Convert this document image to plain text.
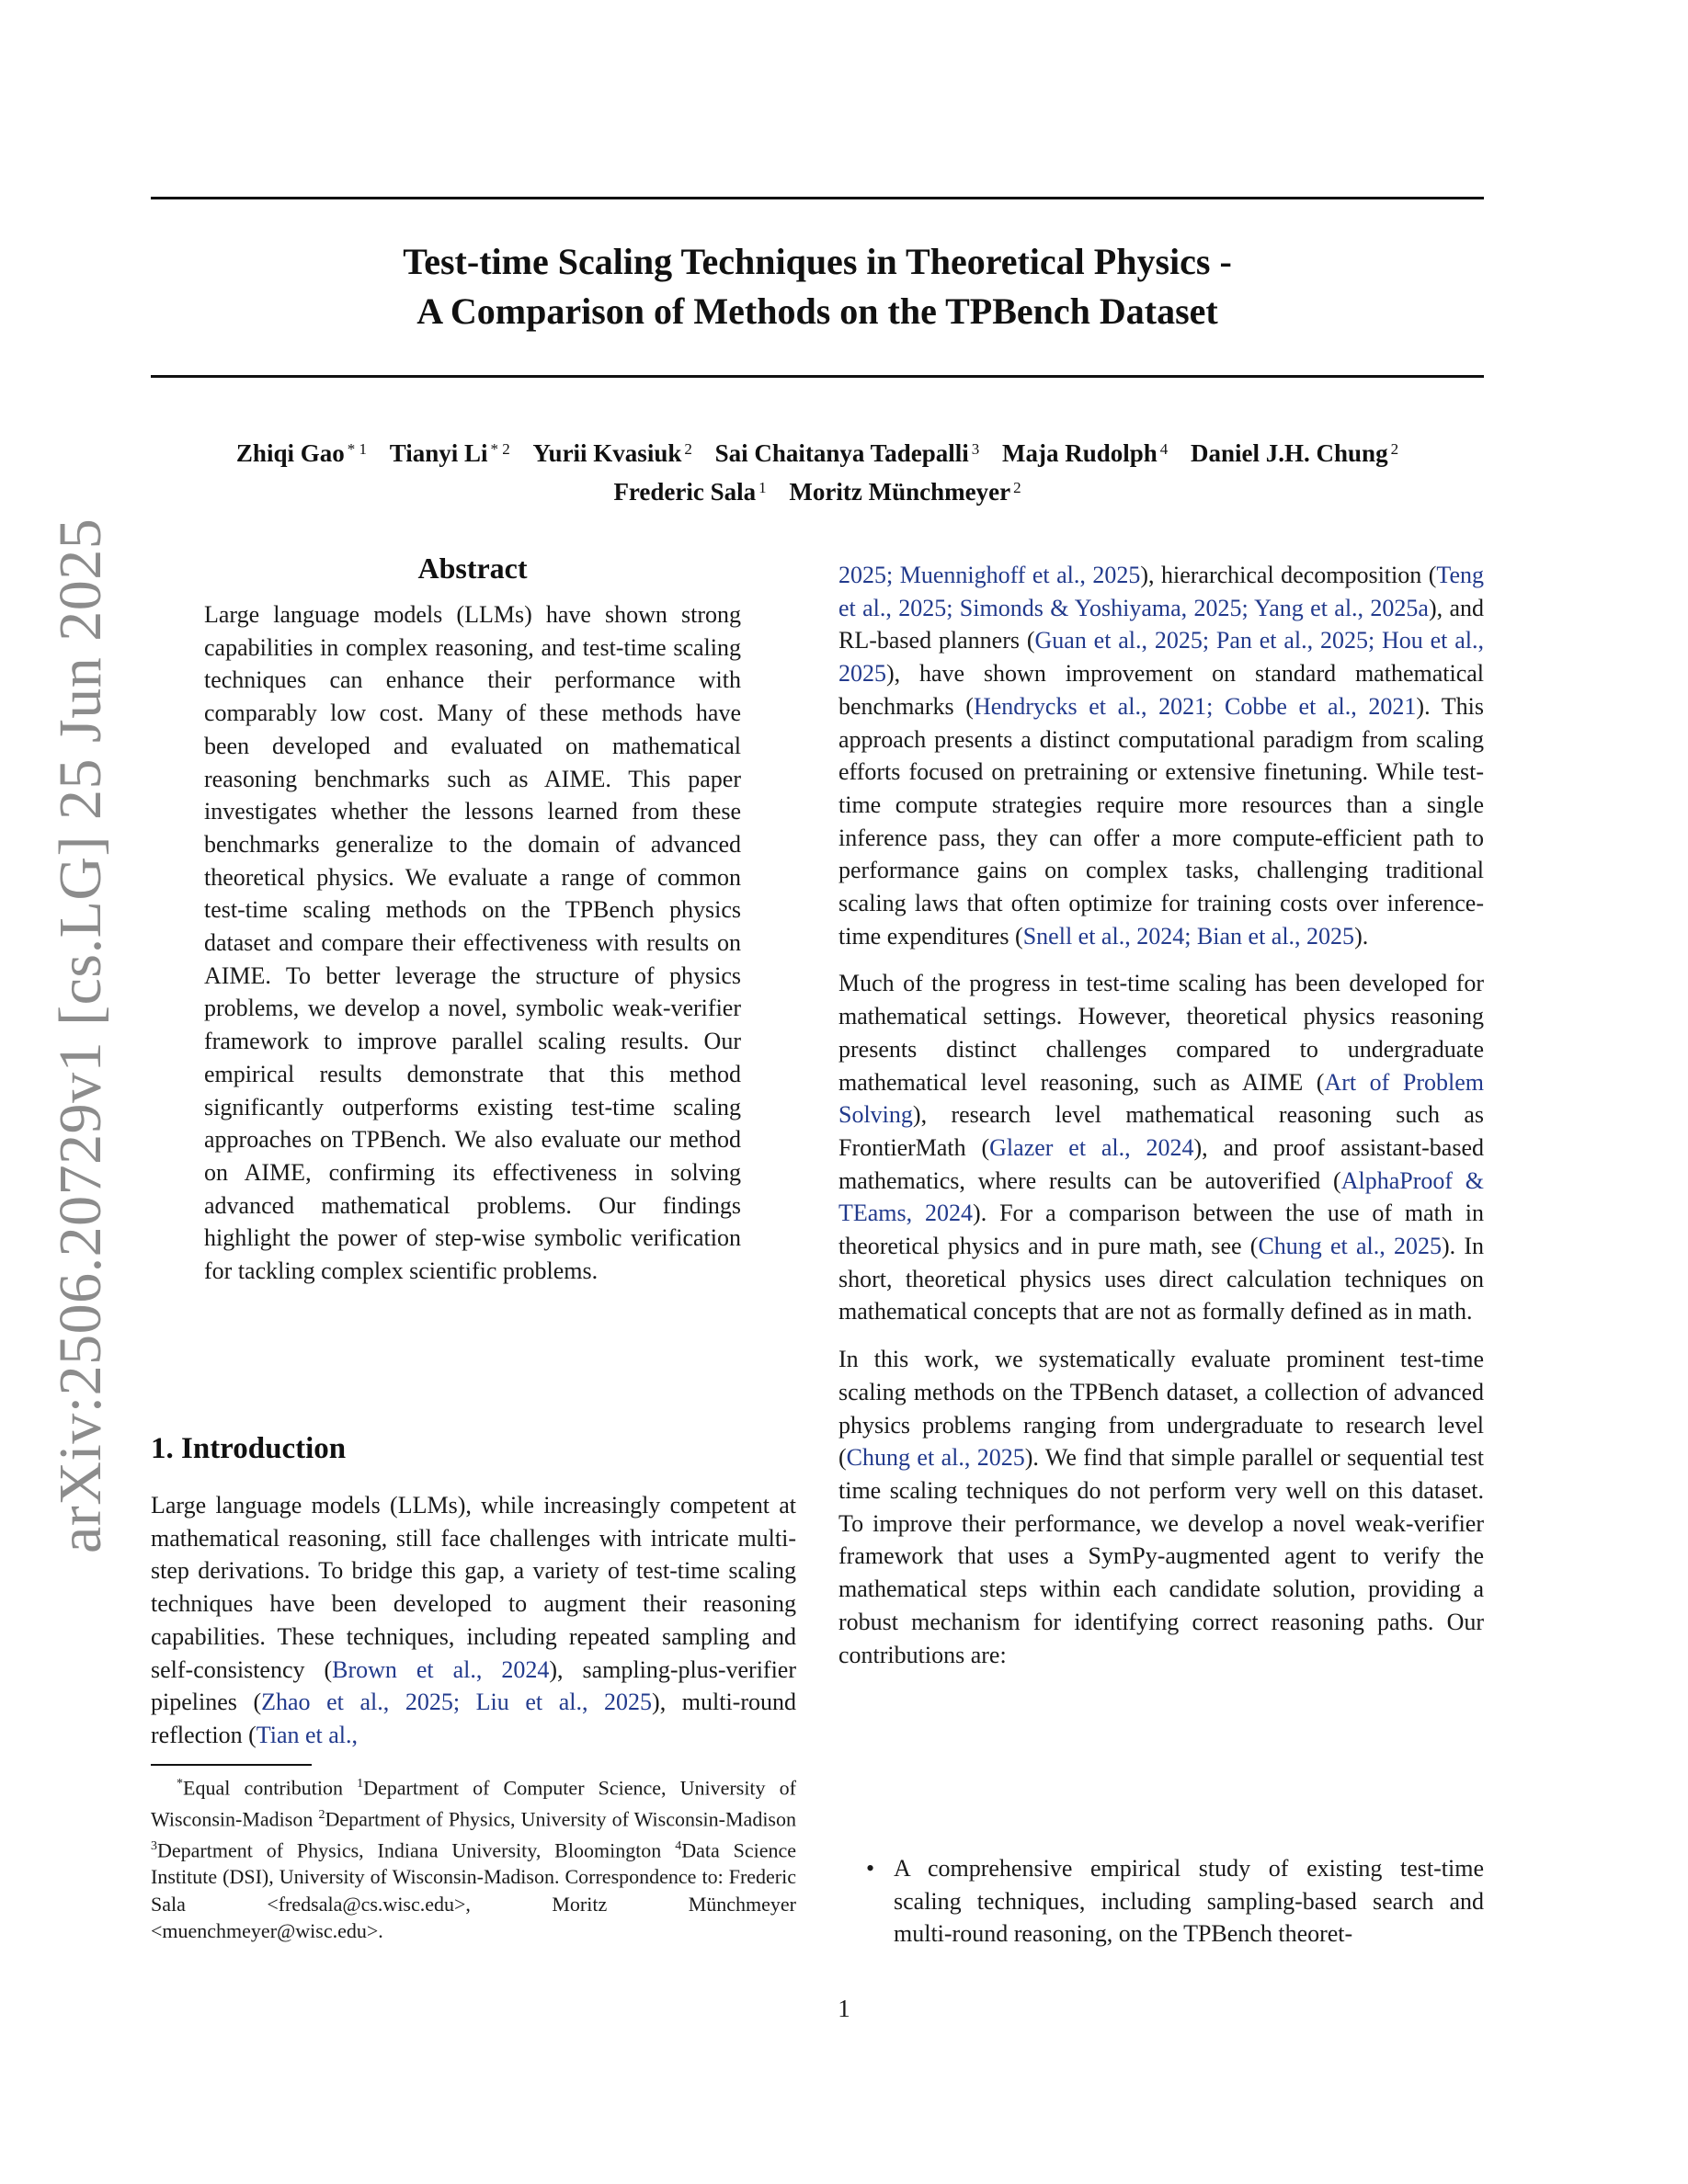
Test-time Scaling Techniques in Theoretical Physics -
A Comparison of Methods on the TPBench Dataset
Zhiqi Gao $^{* 1}$ Tianyi Li $^{* 2}$ Yurii Kvasiuk $^2$ Sai Chaitanya Tadepalli $^3$ Maja Rudolph $^4$ Daniel J.H. Chung $^2$
Frederic Sala $^1$ Moritz Münchmeyer $^2$
arXiv:2506.20729v1 [cs.LG] 25 Jun 2025	Abstract

Large language models (LLMs) have shown strong capabilities in complex reasoning, and test-time scaling techniques can enhance their performance with comparably low cost. Many of these methods have been developed and evaluated on mathematical reasoning benchmarks such as AIME. This paper investigates whether the lessons learned from these benchmarks generalize to the domain of advanced theoretical physics. We evaluate a range of common test-time scaling methods on the TPBench physics dataset and compare their effectiveness with results on AIME. To better leverage the structure of physics problems, we develop a novel, symbolic weak-verifier framework to improve parallel scaling results. Our empirical results demonstrate that this method significantly outperforms existing test-time scaling approaches on TPBench. We also evaluate our method on AIME, confirming its effectiveness in solving advanced mathematical problems. Our findings highlight the power of step-wise symbolic verification for tackling complex scientific problems.

1. Introduction

Large language models (LLMs), while increasingly competent at mathematical reasoning, still face challenges with intricate multi-step derivations. To bridge this gap, a variety of test-time scaling techniques have been developed to augment their reasoning capabilities. These techniques, including repeated sampling and self-consistency (Brown et al., 2024), sampling-plus-verifier pipelines (Zhao et al., 2025; Liu et al., 2025), multi-round reflection (Tian et al.,

*Equal contribution $^1$Department of Computer Science, University of Wisconsin-Madison $^2$Department of Physics, University of Wisconsin-Madison $^3$Department of Physics, Indiana University, Bloomington $^4$Data Science Institute (DSI), University of Wisconsin-Madison. Correspondence to: Frederic Sala <fredsala@cs.wisc.edu>, Moritz Münchmeyer <muenchmeyer@wisc.edu>.

2025; Muennighoff et al., 2025), hierarchical decomposition (Teng et al., 2025; Simonds & Yoshiyama, 2025; Yang et al., 2025a), and RL-based planners (Guan et al., 2025; Pan et al., 2025; Hou et al., 2025), have shown improvement on standard mathematical benchmarks (Hendrycks et al., 2021; Cobbe et al., 2021). This approach presents a distinct computational paradigm from scaling efforts focused on pretraining or extensive finetuning. While test-time compute strategies require more resources than a single inference pass, they can offer a more compute-efficient path to performance gains on complex tasks, challenging traditional scaling laws that often optimize for training costs over inference-time expenditures (Snell et al., 2024; Bian et al., 2025).

Much of the progress in test-time scaling has been developed for mathematical settings. However, theoretical physics reasoning presents distinct challenges compared to undergraduate mathematical level reasoning, such as AIME (Art of Problem Solving), research level mathematical reasoning such as FrontierMath (Glazer et al., 2024), and proof assistant-based mathematics, where results can be autoverified (AlphaProof & TEams, 2024). For a comparison between the use of math in theoretical physics and in pure math, see (Chung et al., 2025). In short, theoretical physics uses direct calculation techniques on mathematical concepts that are not as formally defined as in math.

In this work, we systematically evaluate prominent test-time scaling methods on the TPBench dataset, a collection of advanced physics problems ranging from undergraduate to research level (Chung et al., 2025). We find that simple parallel or sequential test time scaling techniques do not perform very well on this dataset. To improve their performance, we develop a novel weak-verifier framework that uses a SymPy-augmented agent to verify the mathematical steps within each candidate solution, providing a robust mechanism for identifying correct reasoning paths. Our contributions are:

• A comprehensive empirical study of existing test-time scaling techniques, including sampling-based search and multi-round reasoning, on the TPBench theoret-
1
